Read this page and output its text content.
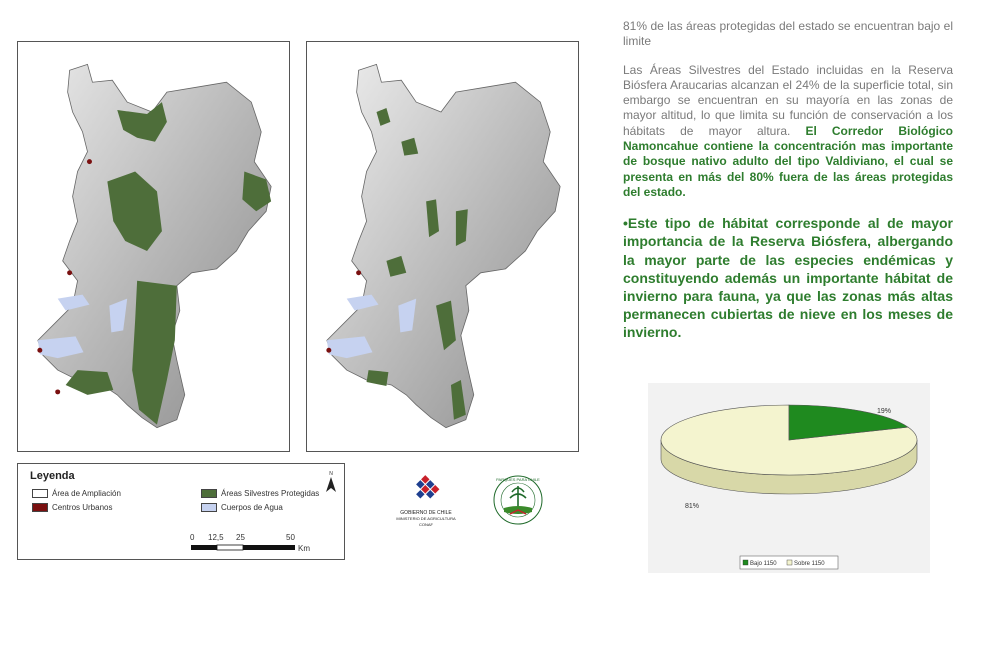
Leyenda
Área de Ampliación
Centros Urbanos
Áreas Silvestres Protegidas
Cuerpos de Agua
N
0 12,5 25	50
Km
GOBIERNO DE CHILE
MINISTERIO DE AGRICULTURA
CONAF
PARQUES PARA CHILE

81% de las áreas protegidas del estado se encuentran bajo el limite

Las Áreas Silvestres del Estado incluidas en la Reserva Biósfera Araucarias alcanzan el 24% de la superficie total, sin embargo se encuentran en su mayoría en las zonas de mayor altitud, lo que limita su función de conservación a los hábitats de mayor altura. El Corredor Biológico Namoncahue contiene la concentración mas importante de bosque nativo adulto del tipo Valdiviano, el cual se presenta en más del 80% fuera de las áreas protegidas del estado.

•Este tipo de hábitat corresponde al de mayor importancia de la Reserva Biósfera, albergando la mayor parte de las especies endémicas y constituyendo además un importante hábitat de invierno para fauna, ya que las zonas más altas permanecen cubiertas de nieve en los meses de invierno.

19%
81%
Bajo 1150	Sobre 1150
